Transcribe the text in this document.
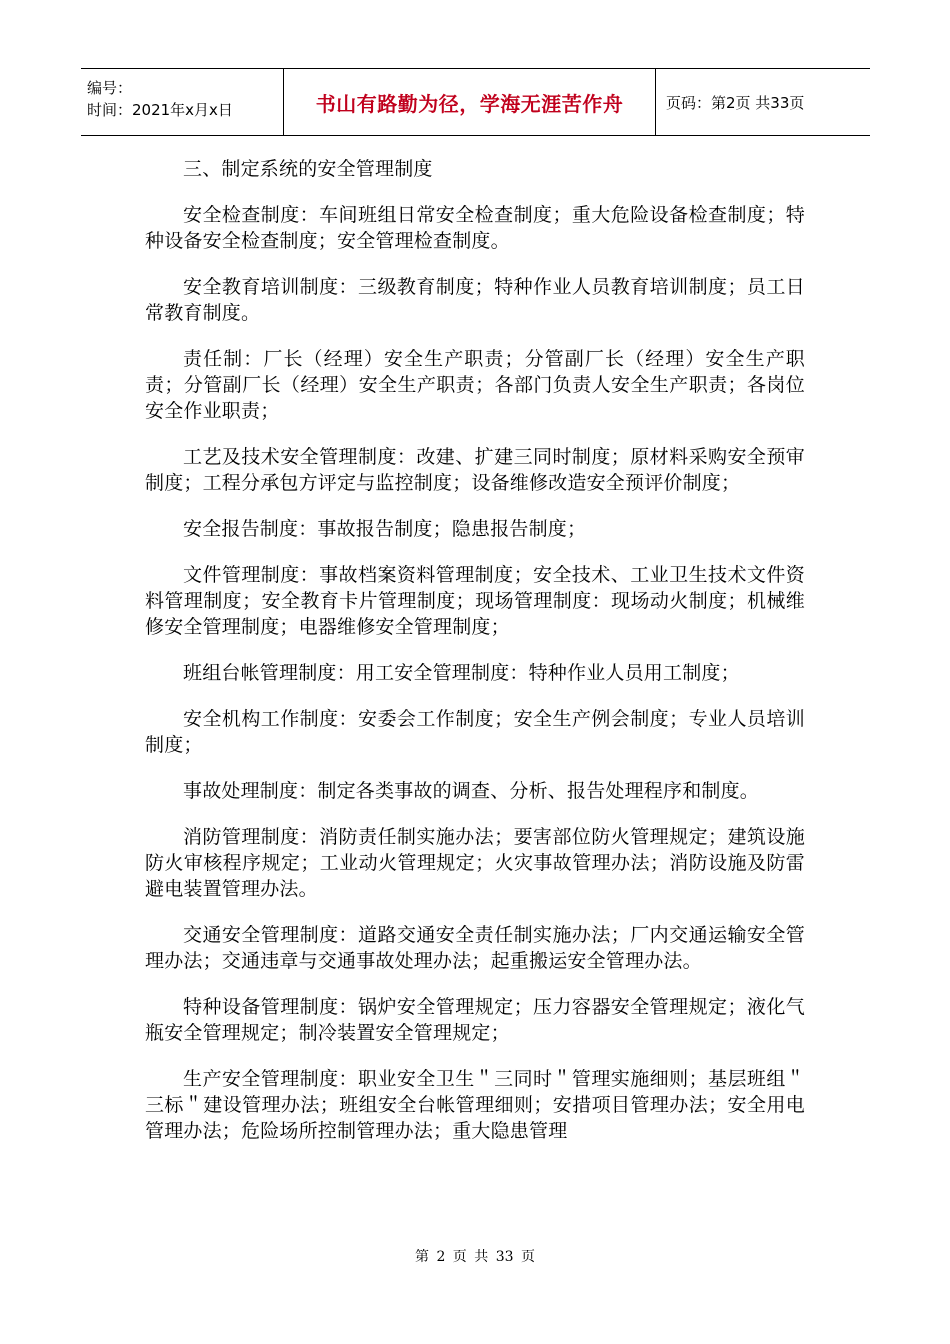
编号：
时间：2021年x月x日	书山有路勤为径，学海无涯苦作舟	页码：第2页 共33页

三、制定系统的安全管理制度

安全检查制度：车间班组日常安全检查制度；重大危险设备检查制度；特种设备安全检查制度；安全管理检查制度。

安全教育培训制度：三级教育制度；特种作业人员教育培训制度；员工日常教育制度。

责任制：厂长（经理）安全生产职责；分管副厂长（经理）安全生产职责；分管副厂长（经理）安全生产职责；各部门负责人安全生产职责；各岗位安全作业职责；

工艺及技术安全管理制度：改建、扩建三同时制度；原材料采购安全预审制度；工程分承包方评定与监控制度；设备维修改造安全预评价制度；

安全报告制度：事故报告制度；隐患报告制度；

文件管理制度：事故档案资料管理制度；安全技术、工业卫生技术文件资料管理制度；安全教育卡片管理制度；现场管理制度：现场动火制度；机械维修安全管理制度；电器维修安全管理制度；

班组台帐管理制度：用工安全管理制度：特种作业人员用工制度；

安全机构工作制度：安委会工作制度；安全生产例会制度；专业人员培训制度；

事故处理制度：制定各类事故的调查、分析、报告处理程序和制度。

消防管理制度：消防责任制实施办法；要害部位防火管理规定；建筑设施防火审核程序规定；工业动火管理规定；火灾事故管理办法；消防设施及防雷避电装置管理办法。

交通安全管理制度：道路交通安全责任制实施办法；厂内交通运输安全管理办法；交通违章与交通事故处理办法；起重搬运安全管理办法。

特种设备管理制度：锅炉安全管理规定；压力容器安全管理规定；液化气瓶安全管理规定；制冷装置安全管理规定；

生产安全管理制度：职业安全卫生＂三同时＂管理实施细则；基层班组＂三标＂建设管理办法；班组安全台帐管理细则；安措项目管理办法；安全用电管理办法；危险场所控制管理办法；重大隐患管理

第 2 页 共 33 页
